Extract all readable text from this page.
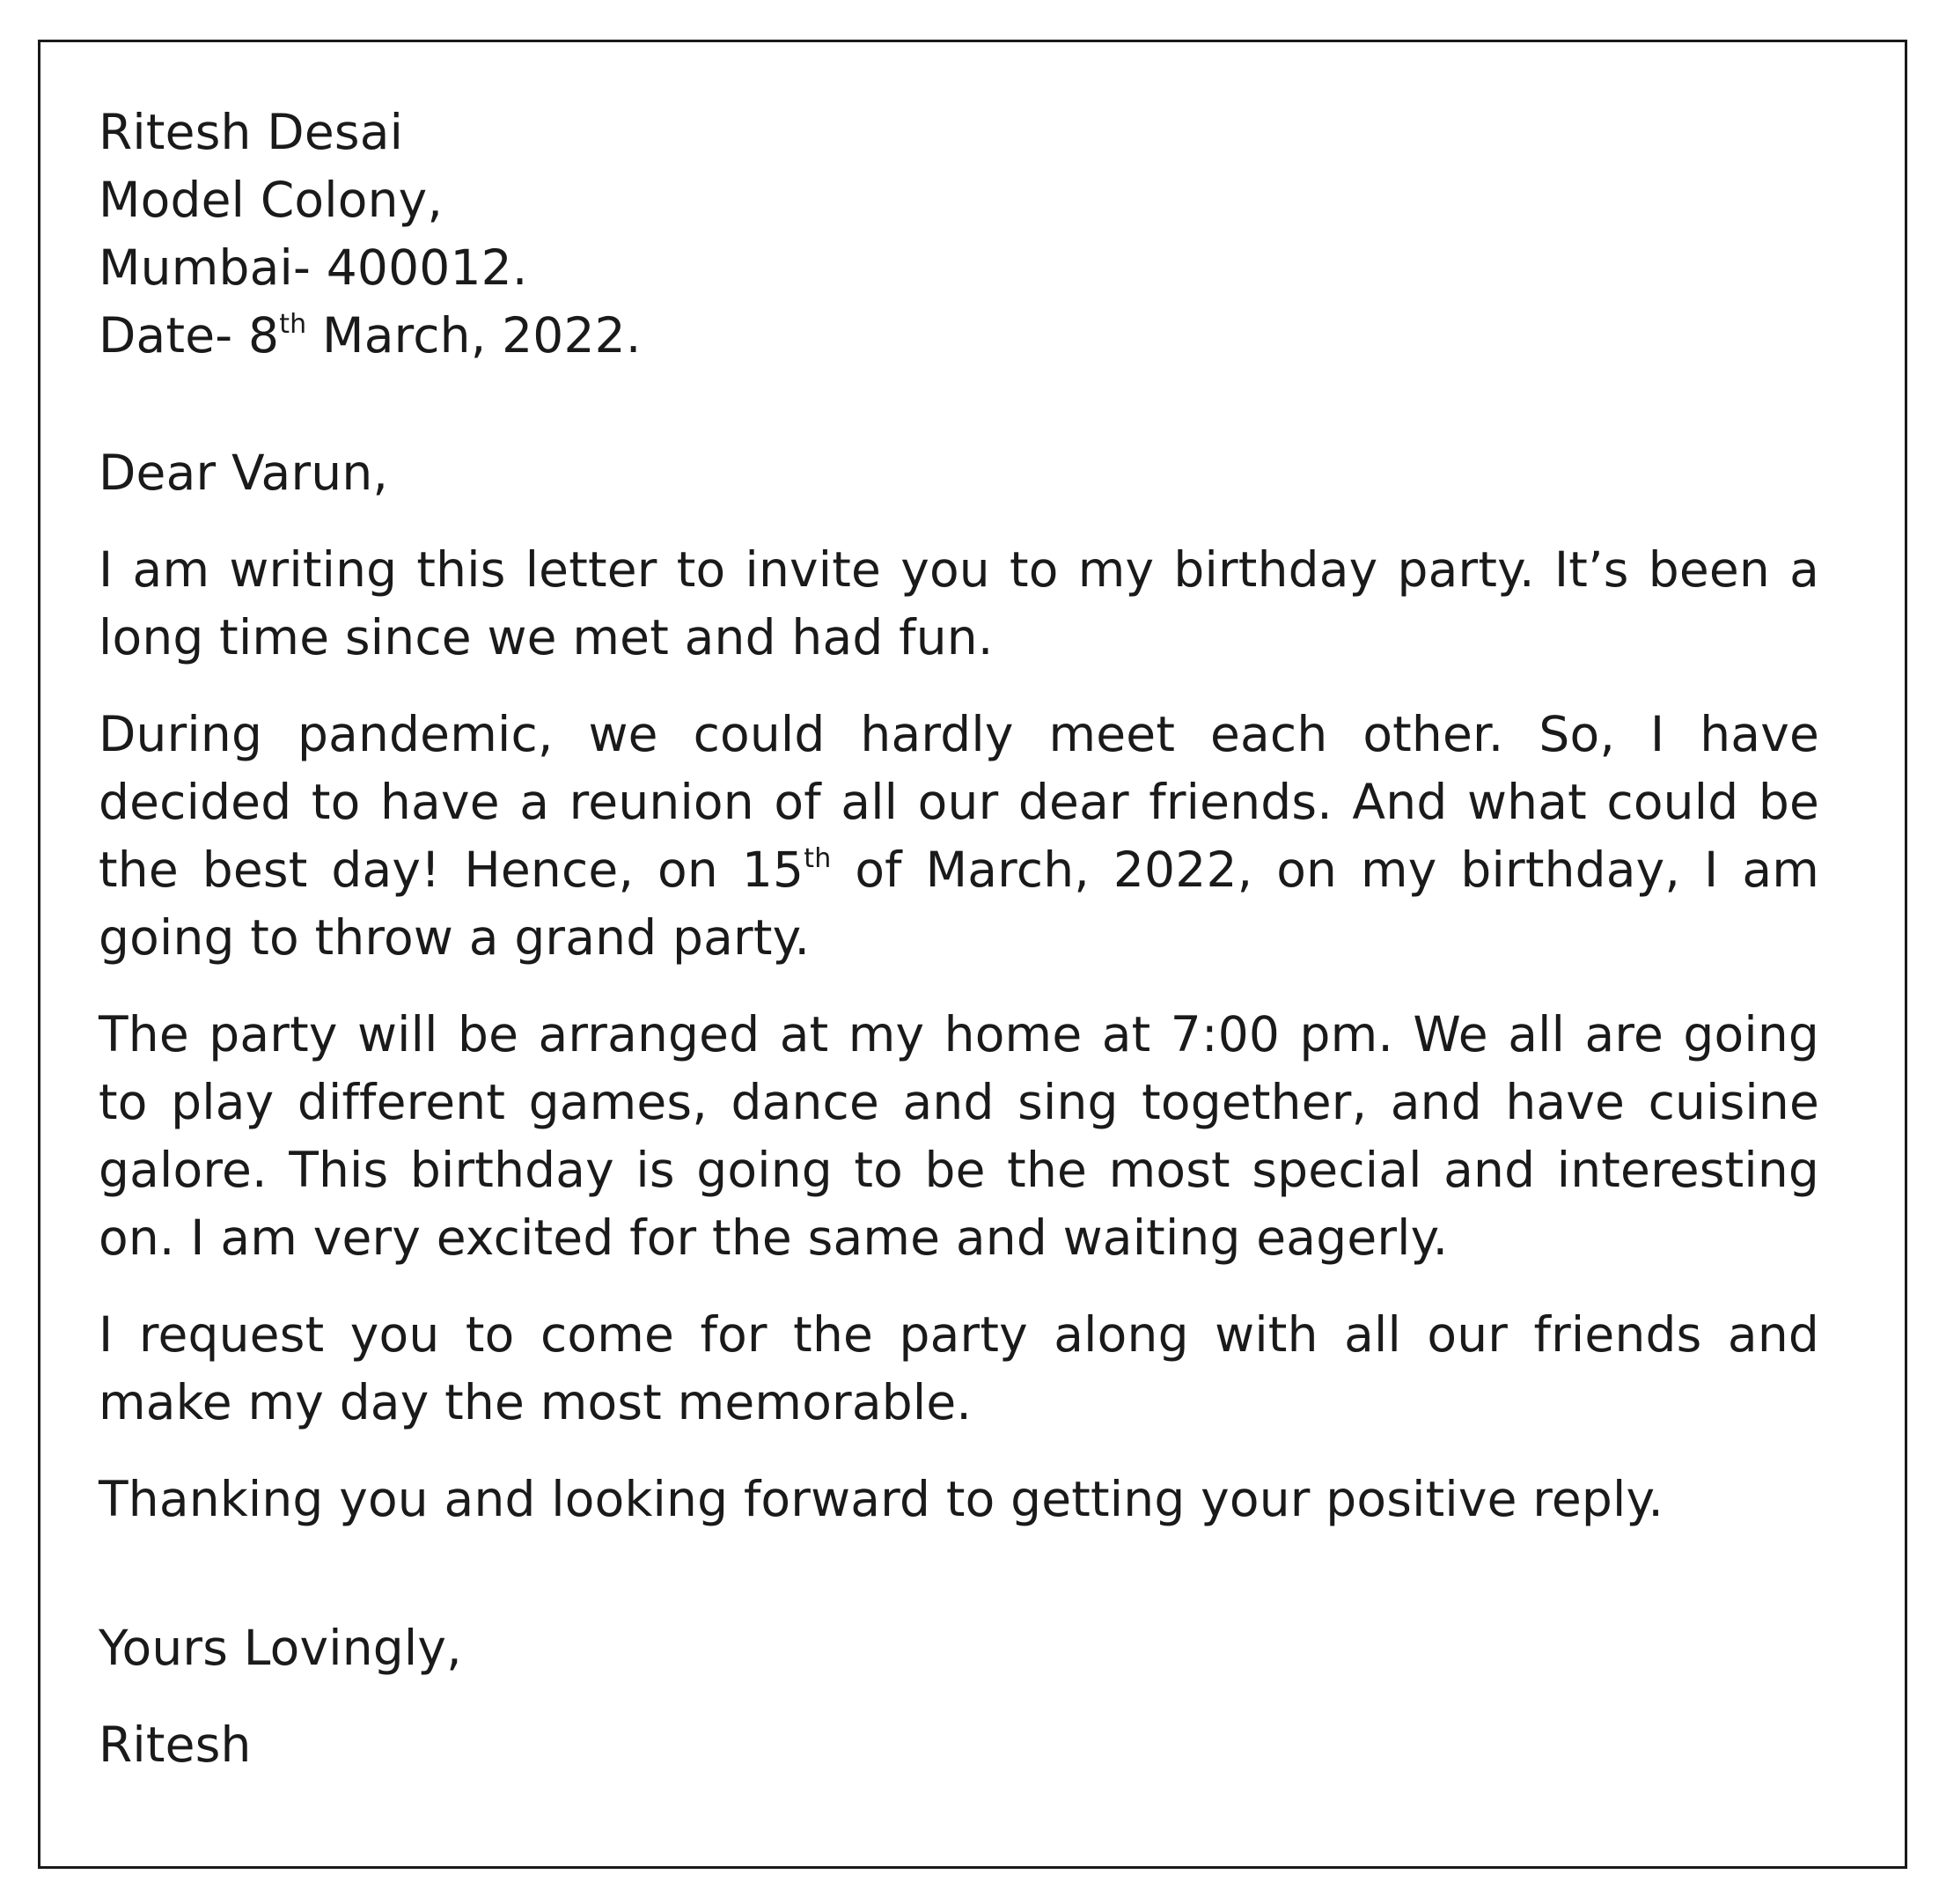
Ritesh Desai
Model Colony,
Mumbai- 400012.
Date- 8th March, 2022.

Dear Varun,

I am writing this letter to invite you to my birthday party. It’s been a long time since we met and had fun.

During pandemic, we could hardly meet each other. So, I have decided to have a reunion of all our dear friends. And what could be the best day! Hence, on 15th of March, 2022, on my birthday, I am going to throw a grand party.

The party will be arranged at my home at 7:00 pm. We all are going to play different games, dance and sing together, and have cuisine galore. This birthday is going to be the most special and interesting on. I am very excited for the same and waiting eagerly.

I request you to come for the party along with all our friends and make my day the most memorable.

Thanking you and looking forward to getting your positive reply.

Yours Lovingly,

Ritesh
